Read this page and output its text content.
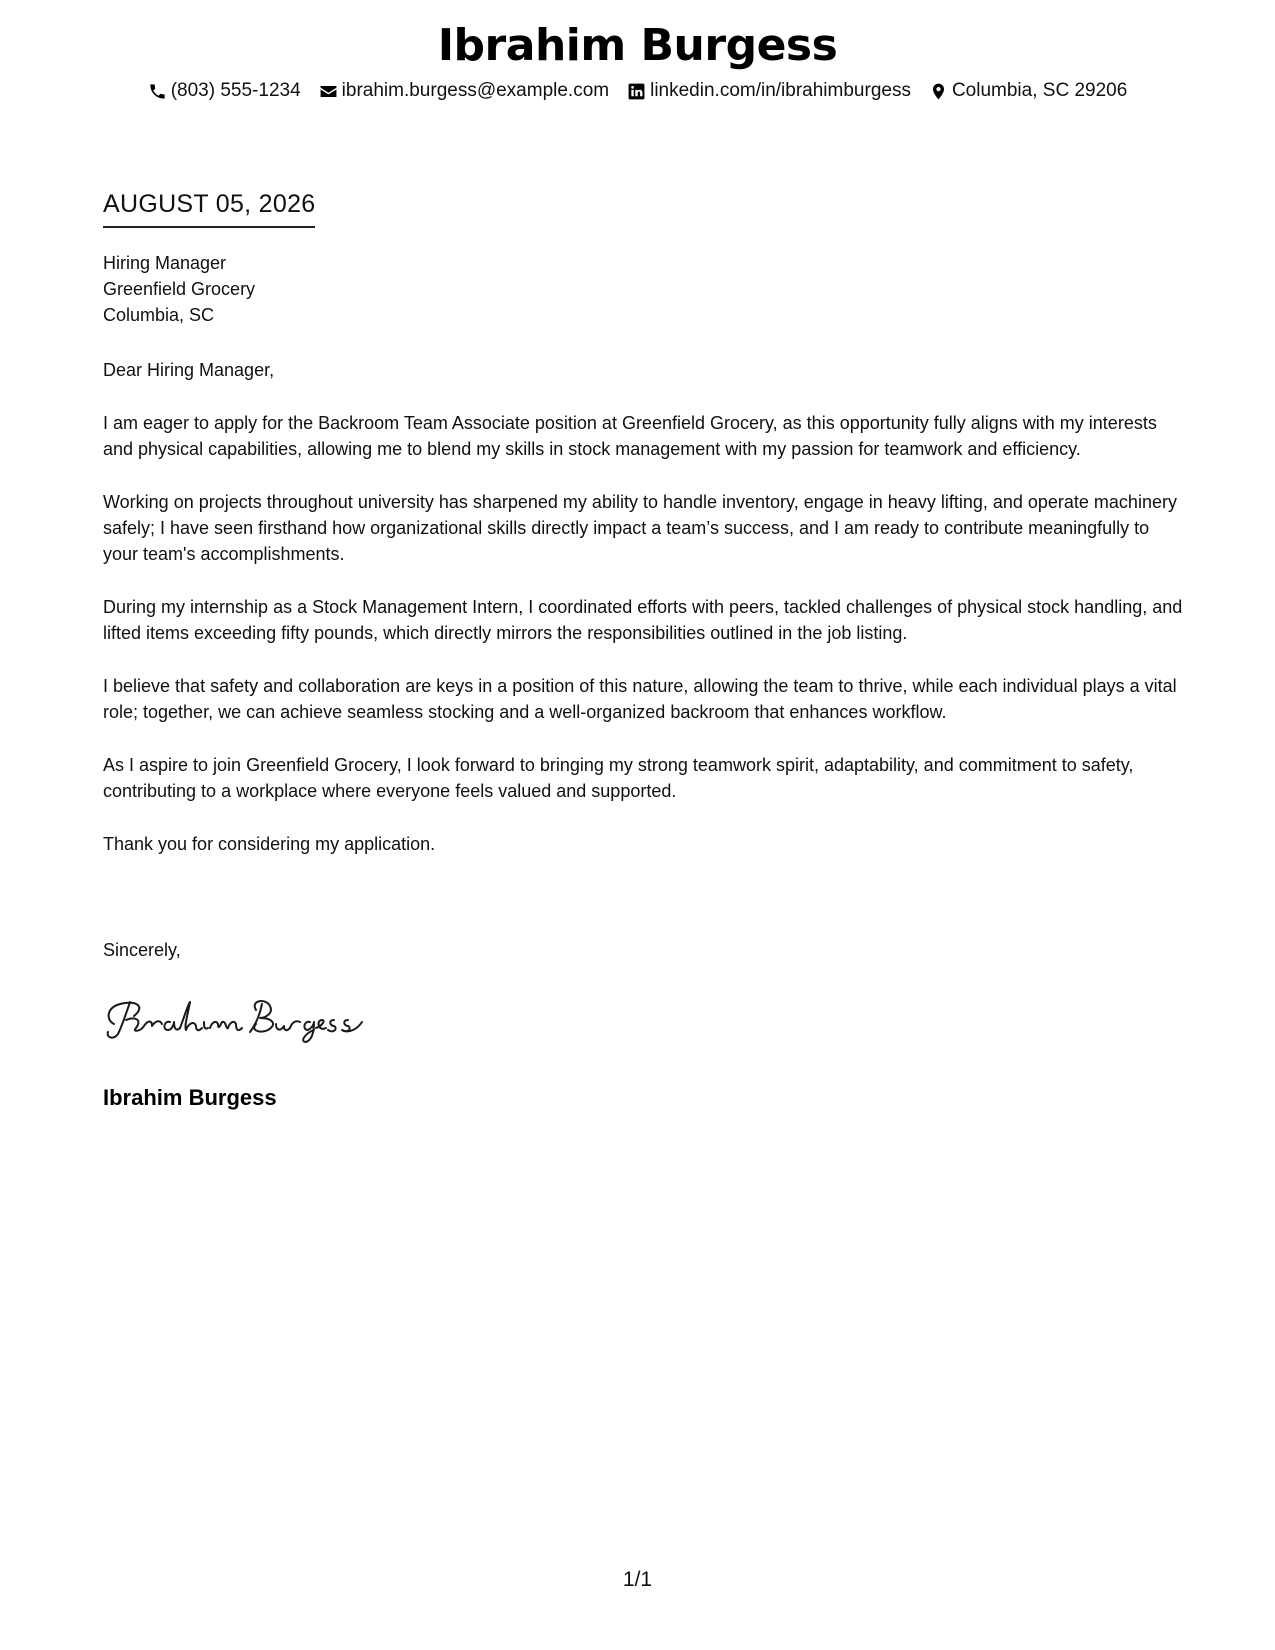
Ibrahim Burgess
(803) 555-1234 ibrahim.burgess@example.com linkedin.com/in/ibrahimburgess Columbia, SC 29206
AUGUST 05, 2026
Hiring Manager
Greenfield Grocery
Columbia, SC

Dear Hiring Manager,

I am eager to apply for the Backroom Team Associate position at Greenfield Grocery, as this opportunity fully aligns with my interests and physical capabilities, allowing me to blend my skills in stock management with my passion for teamwork and efficiency.

Working on projects throughout university has sharpened my ability to handle inventory, engage in heavy lifting, and operate machinery safely; I have seen firsthand how organizational skills directly impact a team’s success, and I am ready to contribute meaningfully to your team's accomplishments.

During my internship as a Stock Management Intern, I coordinated efforts with peers, tackled challenges of physical stock handling, and lifted items exceeding fifty pounds, which directly mirrors the responsibilities outlined in the job listing.

I believe that safety and collaboration are keys in a position of this nature, allowing the team to thrive, while each individual plays a vital role; together, we can achieve seamless stocking and a well-organized backroom that enhances workflow.

As I aspire to join Greenfield Grocery, I look forward to bringing my strong teamwork spirit, adaptability, and commitment to safety, contributing to a workplace where everyone feels valued and supported.

Thank you for considering my application.

Sincerely,
Ibrahim Burgess
1/1
